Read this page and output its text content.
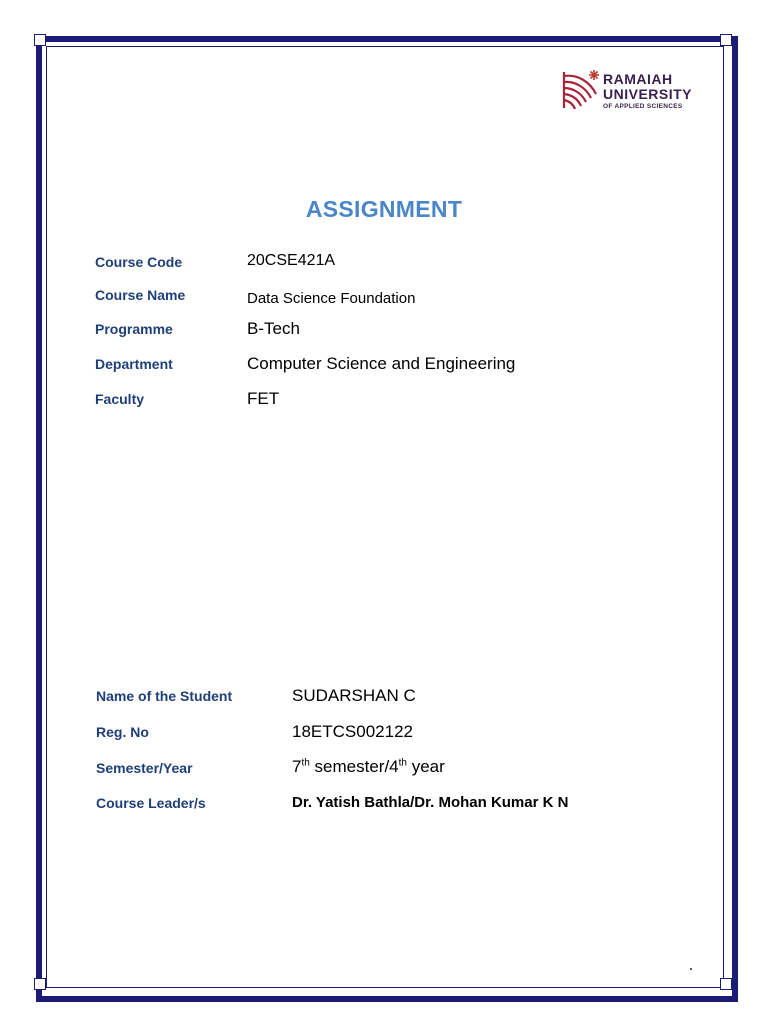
RAMAIAH
UNIVERSITY
OF APPLIED SCIENCES
ASSIGNMENT
Course Code	20CSE421A
Course Name	Data Science Foundation
Programme	B-Tech
Department	Computer Science and Engineering
Faculty	FET
Name of the Student	SUDARSHAN C
Reg. No	18ETCS002122
Semester/Year	7th semester/4th year
Course Leader/s	Dr. Yatish Bathla/Dr. Mohan Kumar K N
